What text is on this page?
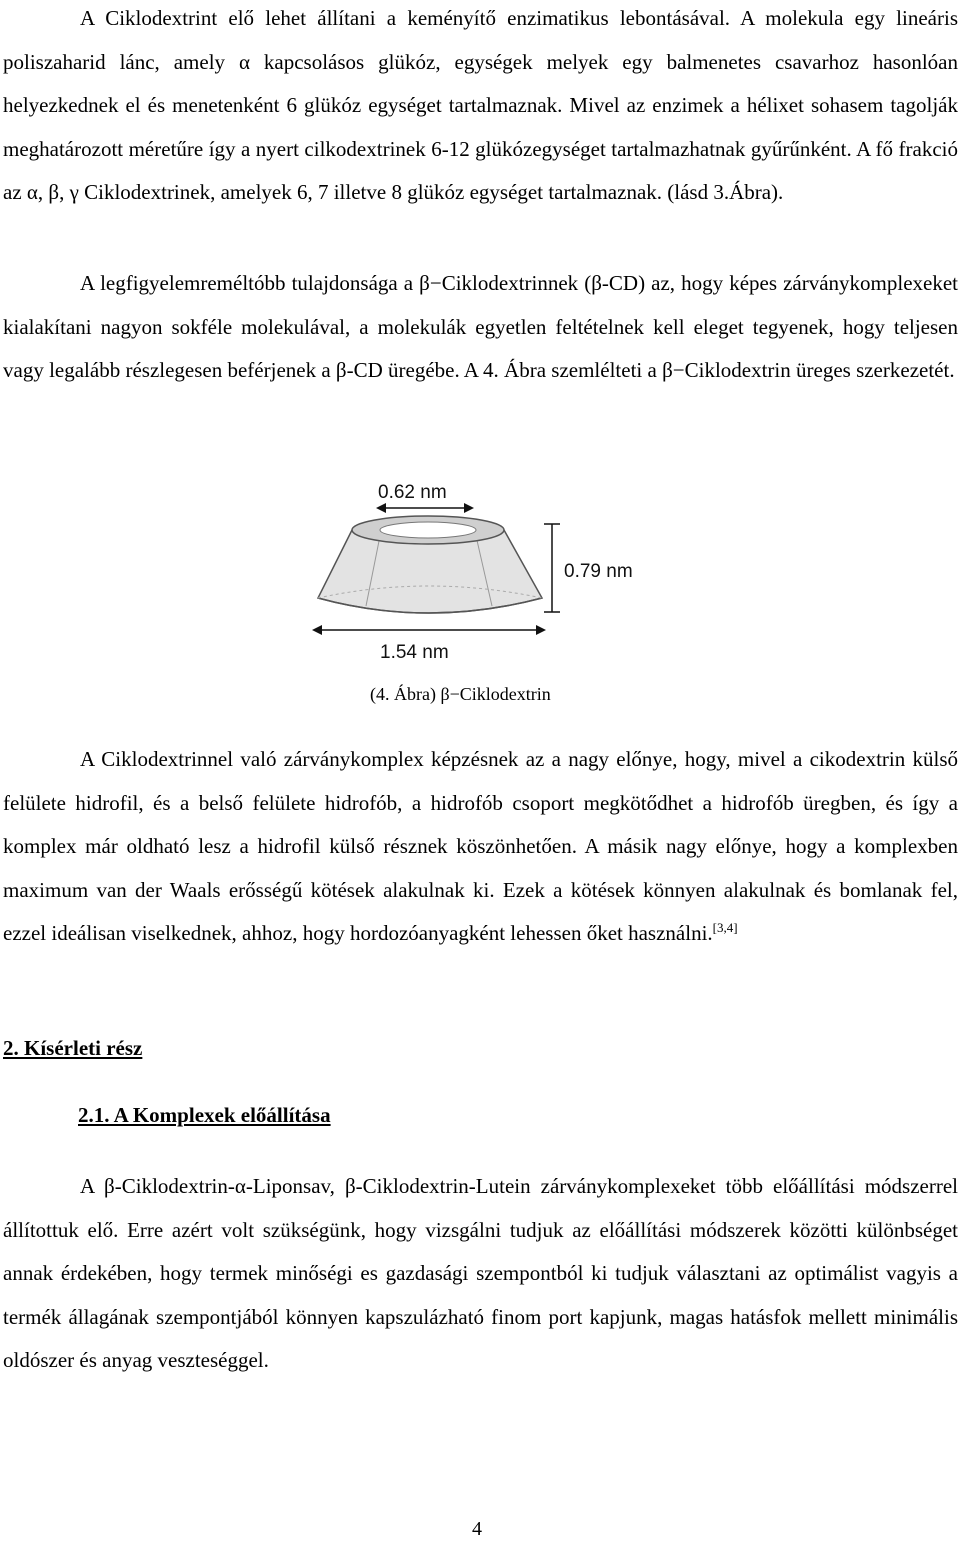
A Ciklodextrint elő lehet állítani a keményítő enzimatikus lebontásával. A molekula egy lineáris poliszaharid lánc, amely α kapcsolásos glükóz, egységek melyek egy balmenetes csavarhoz hasonlóan helyezkednek el és menetenként 6 glükóz egységet tartalmaznak. Mivel az enzimek a hélixet sohasem tagolják meghatározott méretűre így a nyert cilkodextrinek 6-12 glükózegységet tartalmazhatnak gyűrűnként. A fő frakció az α, β, γ Ciklodextrinek, amelyek 6, 7 illetve 8 glükóz egységet tartalmaznak. (lásd 3.Ábra).

A legfigyelemreméltóbb tulajdonsága a β−Ciklodextrinnek (β-CD) az, hogy képes zárványkomplexeket kialakítani nagyon sokféle molekulával, a molekulák egyetlen feltételnek kell eleget tegyenek, hogy teljesen vagy legalább részlegesen beférjenek a β-CD üregébe. A 4. Ábra szemlélteti a β−Ciklodextrin üreges szerkezetét.

0.62 nm
0.79 nm
1.54 nm
(4. Ábra) β−Ciklodextrin

A Ciklodextrinnel való zárványkomplex képzésnek az a nagy előnye, hogy, mivel a cikodextrin külső felülete hidrofil, és a belső felülete hidrofób, a hidrofób csoport megkötődhet a hidrofób üregben, és így a komplex már oldható lesz a hidrofil külső résznek köszönhetően. A másik nagy előnye, hogy a komplexben maximum van der Waals erősségű kötések alakulnak ki. Ezek a kötések könnyen alakulnak és bomlanak fel, ezzel ideálisan viselkednek, ahhoz, hogy hordozóanyagként lehessen őket használni.[3,4]

2. Kísérleti rész
2.1. A Komplexek előállítása

A β-Ciklodextrin-α-Liponsav, β-Ciklodextrin-Lutein zárványkomplexeket több előállítási módszerrel állítottuk elő. Erre azért volt szükségünk, hogy vizsgálni tudjuk az előállítási módszerek közötti különbséget annak érdekében, hogy termek minőségi es gazdasági szempontból ki tudjuk választani az optimálist vagyis a termék állagának szempontjából könnyen kapszulázható finom port kapjunk, magas hatásfok mellett minimális oldószer és anyag veszteséggel.

4
